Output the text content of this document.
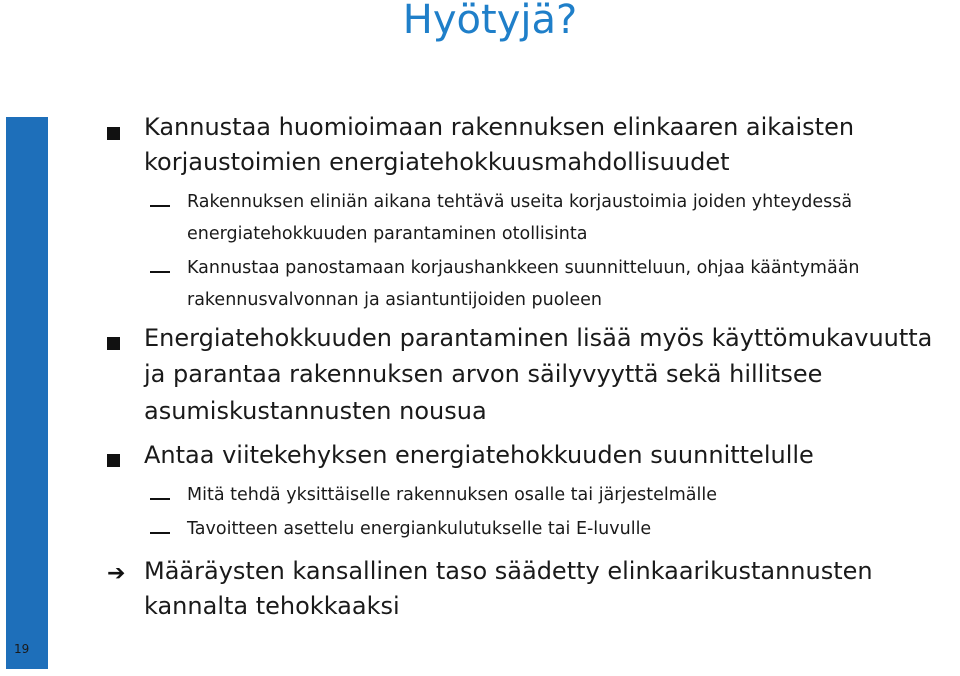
Hyötyjä?
19
Kannustaa huomioimaan rakennuksen elinkaaren aikaisten
korjaustoimien energiatehokkuusmahdollisuudet
Rakennuksen eliniän aikana tehtävä useita korjaustoimia joiden yhteydessä
energiatehokkuuden parantaminen otollisinta
Kannustaa panostamaan korjaushankkeen suunnitteluun, ohjaa kääntymään
rakennusvalvonnan ja asiantuntijoiden puoleen
Energiatehokkuuden parantaminen lisää myös käyttömukavuutta
ja parantaa rakennuksen arvon säilyvyyttä sekä hillitsee
asumiskustannusten nousua
Antaa viitekehyksen energiatehokkuuden suunnittelulle
Mitä tehdä yksittäiselle rakennuksen osalle tai järjestelmälle
Tavoitteen asettelu energiankulutukselle tai E-luvulle
➔ Määräysten kansallinen taso säädetty elinkaarikustannusten
kannalta tehokkaaksi
